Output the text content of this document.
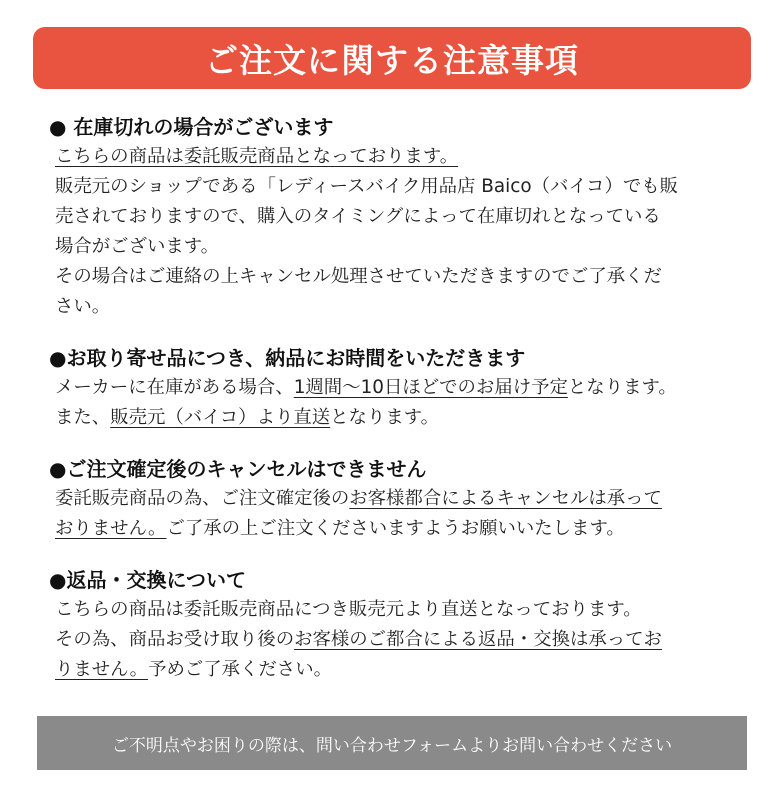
ご注文に関する注意事項
● 在庫切れの場合がございます
こちらの商品は委託販売商品となっております。
販売元のショップである「レディースバイク用品店 Baico（バイコ）でも販
売されておりますので、購入のタイミングによって在庫切れとなっている
場合がございます。
その場合はご連絡の上キャンセル処理させていただきますのでご了承くだ
さい。
●お取り寄せ品につき、納品にお時間をいただきます
メーカーに在庫がある場合、1週間～10日ほどでのお届け予定となります。
また、販売元（バイコ）より直送となります。
●ご注文確定後のキャンセルはできません
委託販売商品の為、ご注文確定後のお客様都合によるキャンセルは承って
おりません。ご了承の上ご注文くださいますようお願いいたします。
●返品・交換について
こちらの商品は委託販売商品につき販売元より直送となっております。
その為、商品お受け取り後のお客様のご都合による返品・交換は承ってお
りません。予めご了承ください。
ご不明点やお困りの際は、問い合わせフォームよりお問い合わせください
